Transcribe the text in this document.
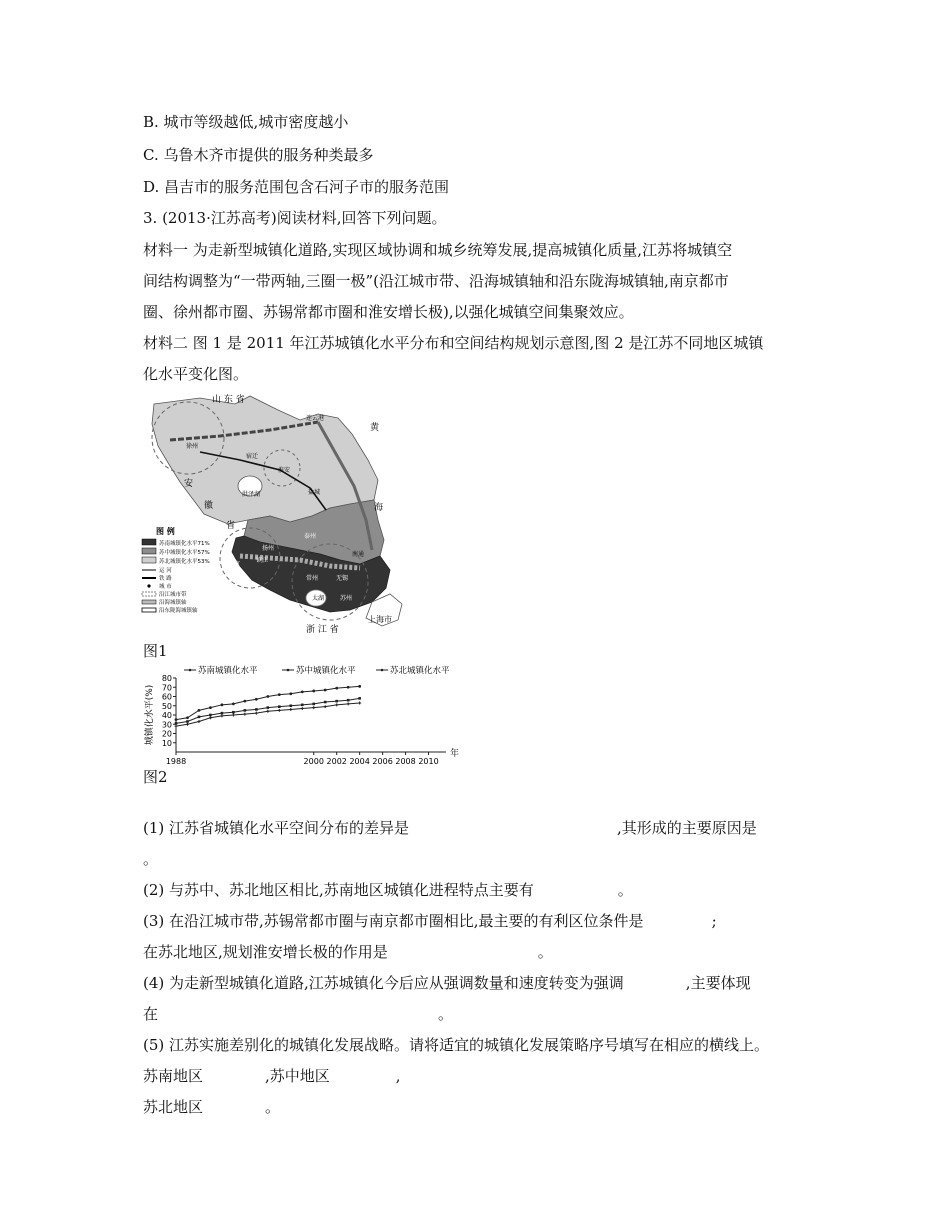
B. 城市等级越低,城市密度越小
C. 乌鲁木齐市提供的服务种类最多
D. 昌吉市的服务范围包含石河子市的服务范围
3. (2013·江苏高考)阅读材料,回答下列问题。
材料一 为走新型城镇化道路,实现区域协调和城乡统筹发展,提高城镇化质量,江苏将城镇空
间结构调整为“一带两轴,三圈一极”(沿江城市带、沿海城镇轴和沿东陇海城镇轴,南京都市
圈、徐州都市圈、苏锡常都市圈和淮安增长极),以强化城镇空间集聚效应。
材料二 图 1 是 2011 年江苏城镇化水平分布和空间结构规划示意图,图 2 是江苏不同地区城镇
化水平变化图。
山 东 省
黄
海
安
徽
省
浙 江 省
连云港
徐州
宿迁
淮安
洪泽湖	盐城
泰州
扬州
镇江
南京
南通
常州	无锡
太湖	苏州
上海市
图 例
苏南城镇化水平71%
苏中城镇化水平57%
苏北城镇化水平53%
运 河
铁 路
城 市
沿江城市带
沿海城镇轴
沿东陇海城镇轴
图1
10
20
30
40
50
60
70
80
1988	2000 2002 2004 2006 2008 2010
年
城镇化水平(%)
苏南城镇化水平	苏中城镇化水平	苏北城镇化水平
图2
(1) 江苏省城镇化水平空间分布的差异是	,其形成的主要原因是
。
(2) 与苏中、苏北地区相比,苏南地区城镇化进程特点主要有	。
(3) 在沿江城市带,苏锡常都市圈与南京都市圈相比,最主要的有利区位条件是	;
在苏北地区,规划淮安增长极的作用是	。
(4) 为走新型城镇化道路,江苏城镇化今后应从强调数量和速度转变为强调	,主要体现
在	。
(5) 江苏实施差别化的城镇化发展战略。请将适宜的城镇化发展策略序号填写在相应的横线上。
苏南地区	,苏中地区	,
苏北地区	。
